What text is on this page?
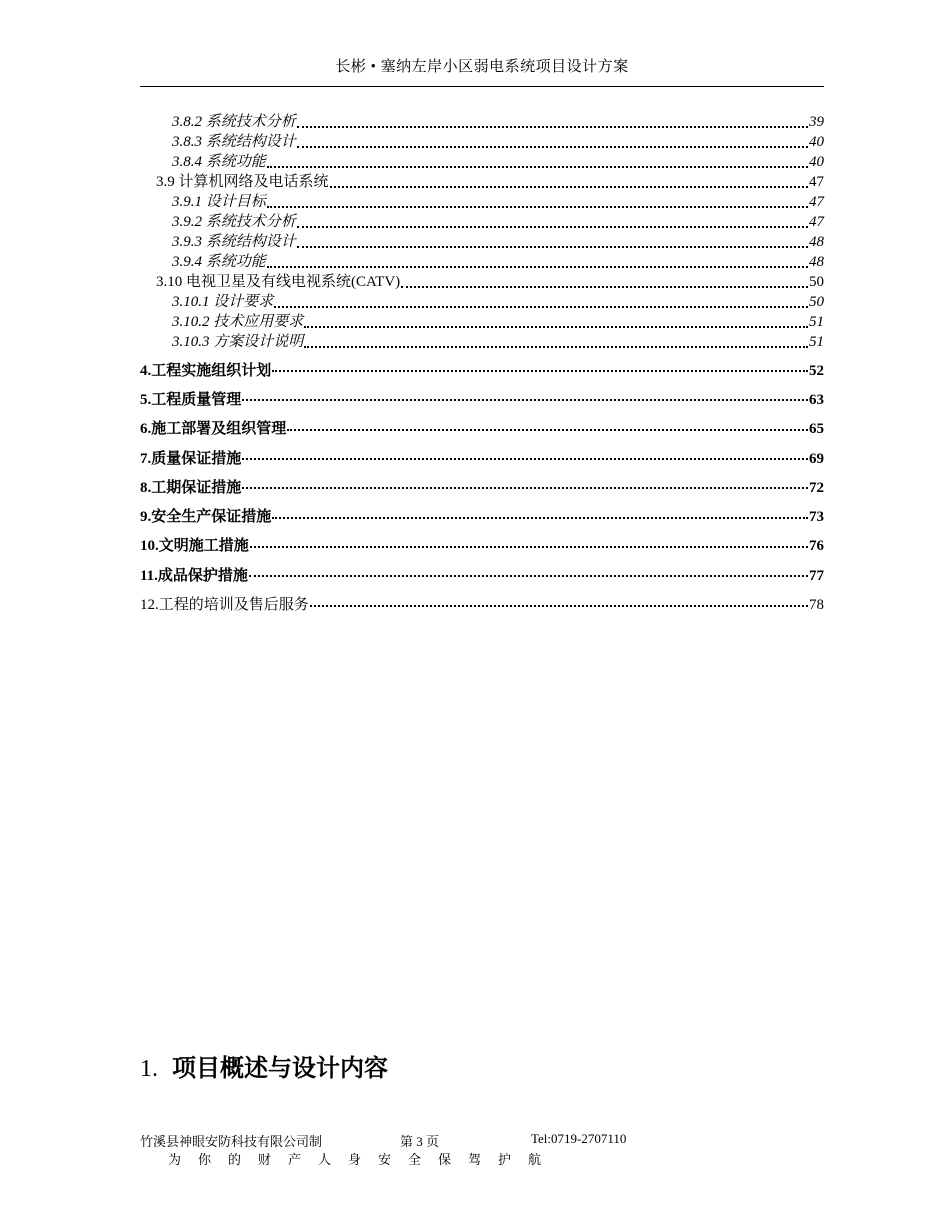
长彬 • 塞纳左岸小区弱电系统项目设计方案
3.8.2 系统技术分析	39
3.8.3 系统结构设计	40
3.8.4 系统功能	40
3.9 计算机网络及电话系统	47
3.9.1 设计目标	47
3.9.2 系统技术分析	47
3.9.3 系统结构设计	48
3.9.4 系统功能	48
3.10 电视卫星及有线电视系统(CATV)	50
3.10.1 设计要求	50
3.10.2 技术应用要求	51
3.10.3 方案设计说明	51
4.工程实施组织计划	52
5.工程质量管理	63
6.施工部署及组织管理	65
7.质量保证措施	69
8.工期保证措施	72
9.安全生产保证措施	73
10.文明施工措施	76
11.成品保护措施	77
12.工程的培训及售后服务	78
1. 项目概述与设计内容
竹溪县神眼安防科技有限公司制	第 3 页	Tel:0719-2707110
为你的财产人身安全保驾护航
